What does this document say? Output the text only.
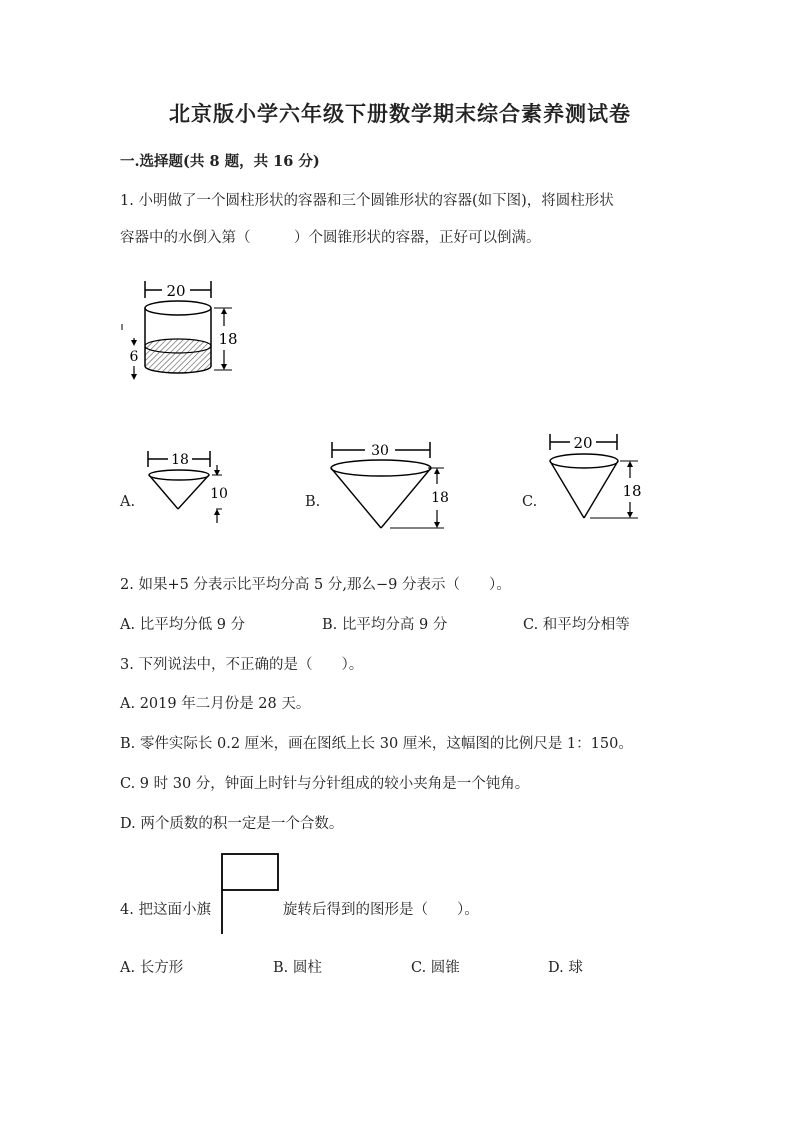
北京版小学六年级下册数学期末综合素养测试卷
一.选择题(共 8 题，共 16 分)
1. 小明做了一个圆柱形状的容器和三个圆锥形状的容器(如下图)，将圆柱形状
容器中的水倒入第（　　　）个圆锥形状的容器，正好可以倒满。
20
18
6
A.
18
10	B.
30
18	C.
20
18
2. 如果+5 分表示比平均分高 5 分,那么−9 分表示（　　）。
A. 比平均分低 9 分	B. 比平均分高 9 分	C. 和平均分相等
3. 下列说法中，不正确的是（　　）。
A. 2019 年二月份是 28 天。
B. 零件实际长 0.2 厘米，画在图纸上长 30 厘米，这幅图的比例尺是 1：150。
C. 9 时 30 分，钟面上时针与分针组成的较小夹角是一个钝角。
D. 两个质数的积一定是一个合数。
4. 把这面小旗	旋转后得到的图形是（　　）。
A. 长方形	B. 圆柱	C. 圆锥	D. 球
